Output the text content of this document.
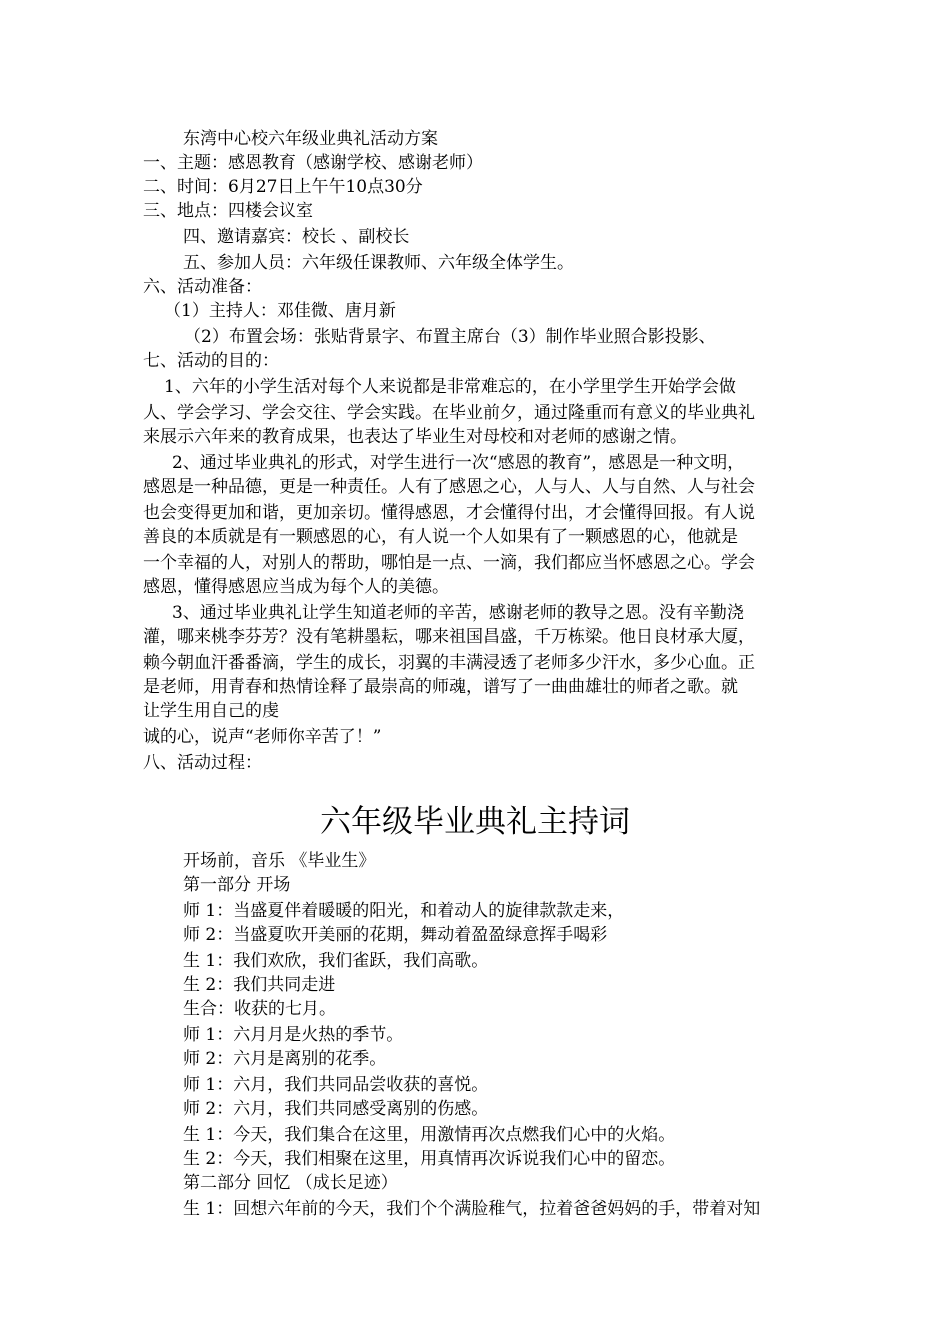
东湾中心校六年级业典礼活动方案
一、主题：感恩教育（感谢学校、感谢老师）
二、时间：6月27日上午午10点30分
三、地点：四楼会议室
四、邀请嘉宾：校长 、副校长
五、参加人员：六年级任课教师、六年级全体学生。
六、活动准备：
（1）主持人：邓佳微、唐月新
（2）布置会场：张贴背景字、布置主席台（3）制作毕业照合影投影、
七、活动的目的：
1、六年的小学生活对每个人来说都是非常难忘的，在小学里学生开始学会做
人、学会学习、学会交往、学会实践。在毕业前夕，通过隆重而有意义的毕业典礼
来展示六年来的教育成果，也表达了毕业生对母校和对老师的感谢之情。
2、通过毕业典礼的形式，对学生进行一次“感恩的教育”，感恩是一种文明，
感恩是一种品德，更是一种责任。人有了感恩之心，人与人、人与自然、人与社会
也会变得更加和谐，更加亲切。懂得感恩，才会懂得付出，才会懂得回报。有人说
善良的本质就是有一颗感恩的心，有人说一个人如果有了一颗感恩的心，他就是
一个幸福的人，对别人的帮助，哪怕是一点、一滴，我们都应当怀感恩之心。学会
感恩，懂得感恩应当成为每个人的美德。
3、通过毕业典礼让学生知道老师的辛苦，感谢老师的教导之恩。没有辛勤浇
灌，哪来桃李芬芳？没有笔耕墨耘，哪来祖国昌盛，千万栋梁。他日良材承大厦，
赖今朝血汗番番滴，学生的成长，羽翼的丰满浸透了老师多少汗水，多少心血。正
是老师，用青春和热情诠释了最崇高的师魂，谱写了一曲曲雄壮的师者之歌。就
让学生用自己的虔
诚的心，说声“老师你辛苦了！”
八、活动过程：
六年级毕业典礼主持词
开场前，音乐 《毕业生》
第一部分 开场
师 1：当盛夏伴着暖暖的阳光，和着动人的旋律款款走来，
师 2：当盛夏吹开美丽的花期，舞动着盈盈绿意挥手喝彩
生 1：我们欢欣，我们雀跃，我们高歌。
生 2：我们共同走进
生合：收获的七月。
师 1：六月月是火热的季节。
师 2：六月是离别的花季。
师 1：六月，我们共同品尝收获的喜悦。
师 2：六月，我们共同感受离别的伤感。
生 1：今天，我们集合在这里，用激情再次点燃我们心中的火焰。
生 2：今天，我们相聚在这里，用真情再次诉说我们心中的留恋。
第二部分 回忆 （成长足迹）
生 1：回想六年前的今天，我们个个满脸稚气，拉着爸爸妈妈的手，带着对知
